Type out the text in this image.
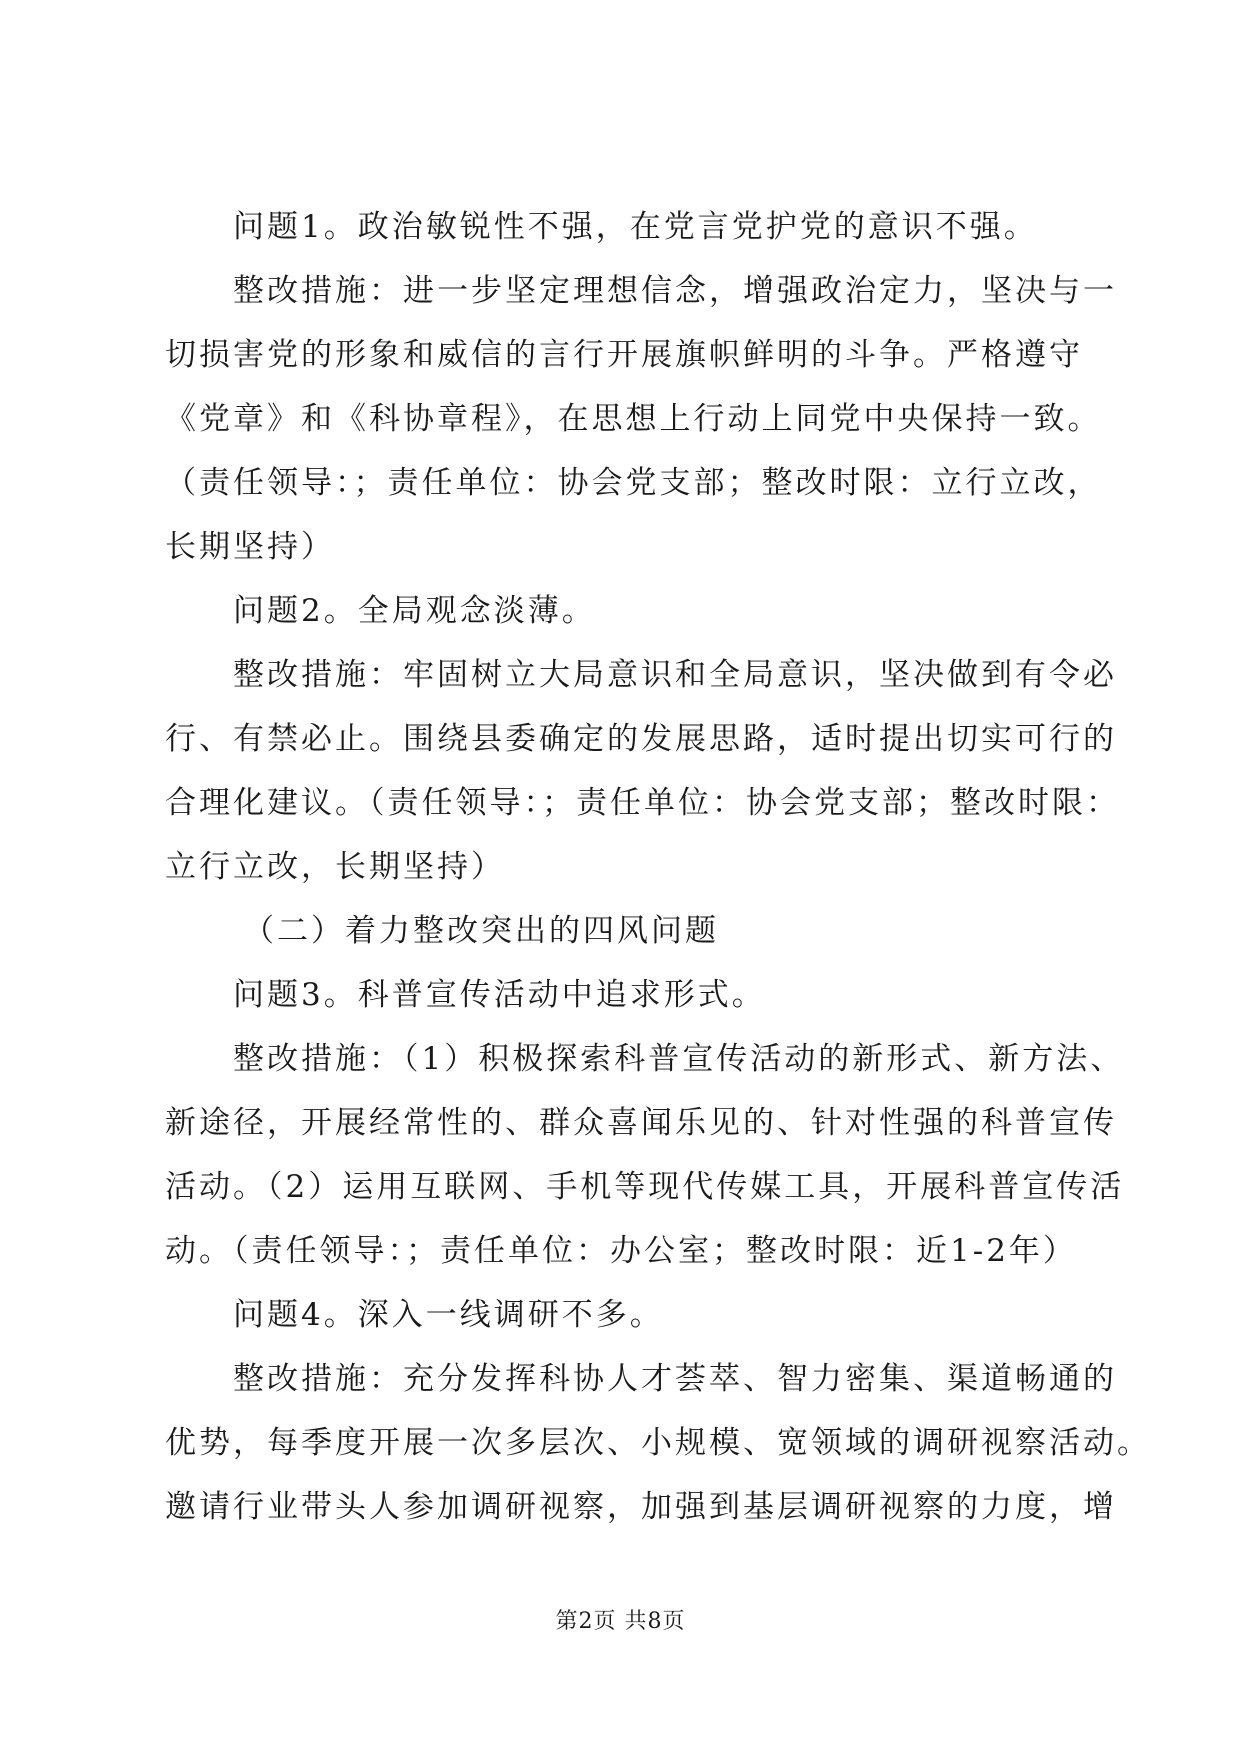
问题1。政治敏锐性不强，在党言党护党的意识不强。
整改措施：进一步坚定理想信念，增强政治定力，坚决与一
切损害党的形象和威信的言行开展旗帜鲜明的斗争。严格遵守
《党章》和《科协章程》，在思想上行动上同党中央保持一致。
（责任领导：；责任单位：协会党支部；整改时限：立行立改，
长期坚持）
问题2。全局观念淡薄。
整改措施：牢固树立大局意识和全局意识，坚决做到有令必
行、有禁必止。围绕县委确定的发展思路，适时提出切实可行的
合理化建议。（责任领导：；责任单位：协会党支部；整改时限：
立行立改，长期坚持）
（二）着力整改突出的四风问题
问题3。科普宣传活动中追求形式。
整改措施：（1）积极探索科普宣传活动的新形式、新方法、
新途径，开展经常性的、群众喜闻乐见的、针对性强的科普宣传
活动。（2）运用互联网、手机等现代传媒工具，开展科普宣传活
动。（责任领导：；责任单位：办公室；整改时限：近1-2年）
问题4。深入一线调研不多。
整改措施：充分发挥科协人才荟萃、智力密集、渠道畅通的
优势，每季度开展一次多层次、小规模、宽领域的调研视察活动。
邀请行业带头人参加调研视察，加强到基层调研视察的力度，增
第2页 共8页
